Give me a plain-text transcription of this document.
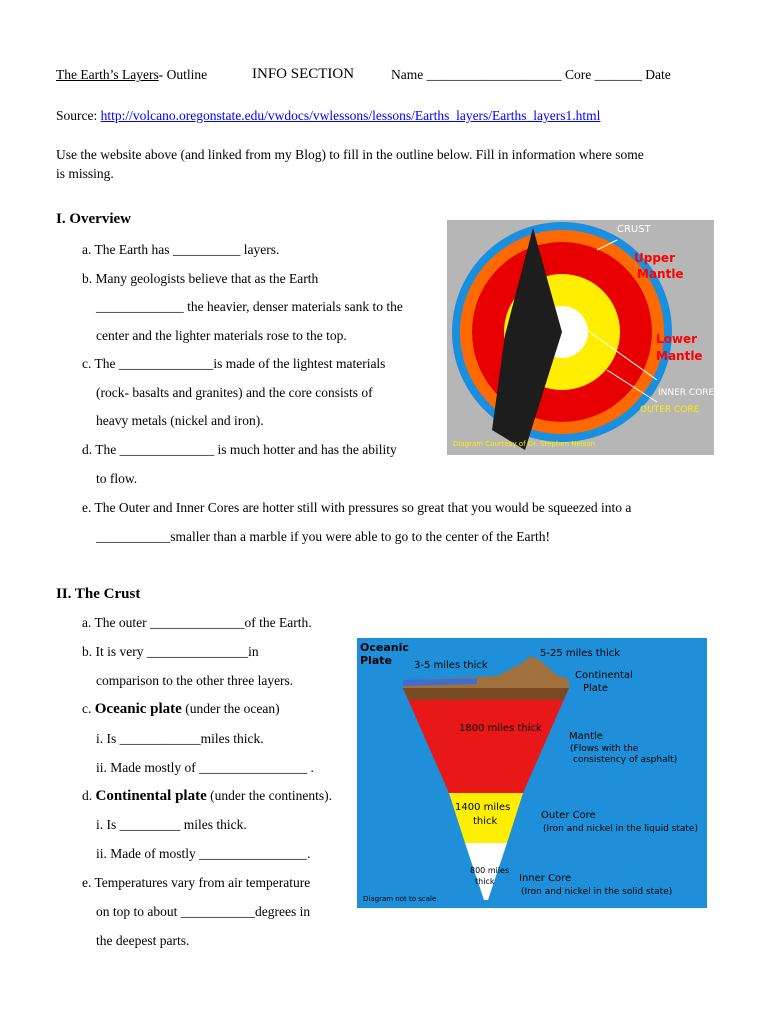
The Earth’s Layers- Outline	INFO SECTION	Name ____________________ Core _______ Date
Source: http://volcano.oregonstate.edu/vwdocs/vwlessons/lessons/Earths_layers/Earths_layers1.html
Use the website above (and linked from my Blog) to fill in the outline below. Fill in information where some
is missing.
I. Overview
a. The Earth has __________ layers.
b. Many geologists believe that as the Earth
_____________ the heavier, denser materials sank to the
center and the lighter materials rose to the top.
c. The ______________is made of the lightest materials
(rock- basalts and granites) and the core consists of
heavy metals (nickel and iron).
d. The ______________ is much hotter and has the ability
to flow.
e. The Outer and Inner Cores are hotter still with pressures so great that you would be squeezed into a
___________smaller than a marble if you were able to go to the center of the Earth!
CRUST
Upper
Mantle
Lower
Mantle
INNER CORE
OUTER CORE
Diagram Courtesy of Dr. Stephen Nelson
II. The Crust
a. The outer ______________of the Earth.
b. It is very _______________in
comparison to the other three layers.
c. Oceanic plate (under the ocean)
i. Is ____________miles thick.
ii. Made mostly of ________________ .
d. Continental plate (under the continents).
i. Is _________ miles thick.
ii. Made of mostly ________________.
e. Temperatures vary from air temperature
on top to about ___________degrees in
the deepest parts.
Oceanic
Plate 3-5 miles thick
5-25 miles thick
Continental
Plate
1800 miles thick
Mantle
(Flows with the
consistency of asphalt)
1400 miles
thick
Outer Core
(Iron and nickel in the liquid state)
800 miles
thick Inner Core
(Iron and nickel in the solid state)
Diagram not to scale
